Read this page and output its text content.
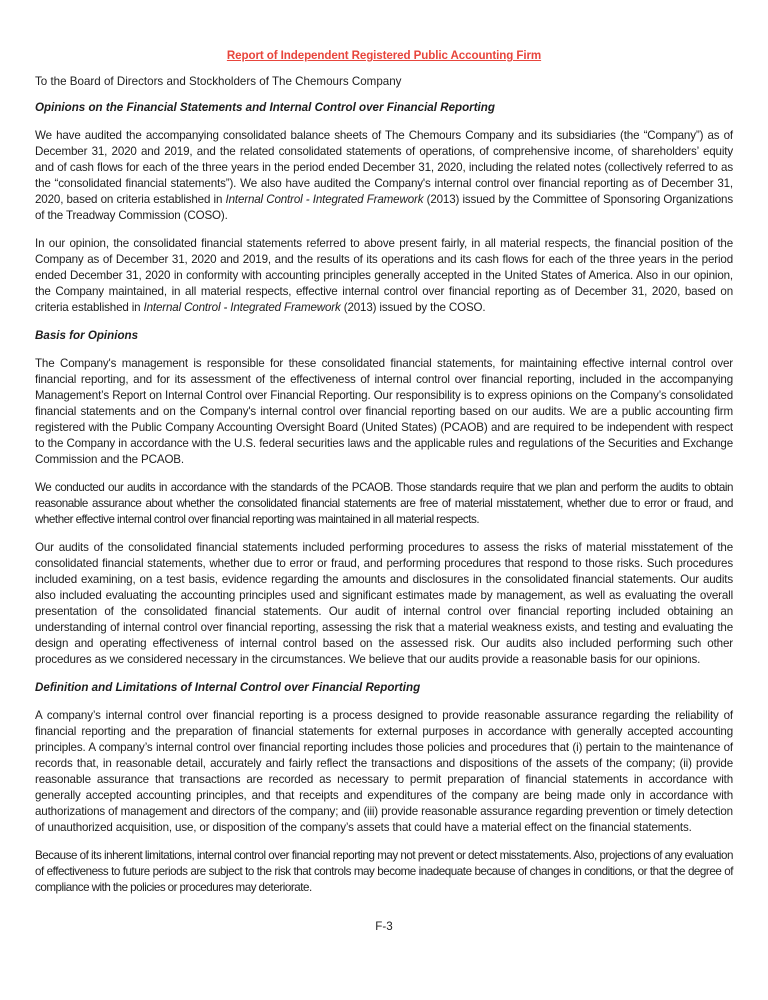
Report of Independent Registered Public Accounting Firm
To the Board of Directors and Stockholders of The Chemours Company
Opinions on the Financial Statements and Internal Control over Financial Reporting

We have audited the accompanying consolidated balance sheets of The Chemours Company and its subsidiaries (the “Company”) as of December 31, 2020 and 2019, and the related consolidated statements of operations, of comprehensive income, of shareholders’ equity and of cash flows for each of the three years in the period ended December 31, 2020, including the related notes (collectively referred to as the “consolidated financial statements”). We also have audited the Company's internal control over financial reporting as of December 31, 2020, based on criteria established in Internal Control - Integrated Framework (2013) issued by the Committee of Sponsoring Organizations of the Treadway Commission (COSO).

In our opinion, the consolidated financial statements referred to above present fairly, in all material respects, the financial position of the Company as of December 31, 2020 and 2019, and the results of its operations and its cash flows for each of the three years in the period ended December 31, 2020 in conformity with accounting principles generally accepted in the United States of America. Also in our opinion, the Company maintained, in all material respects, effective internal control over financial reporting as of December 31, 2020, based on criteria established in Internal Control - Integrated Framework (2013) issued by the COSO.

Basis for Opinions

The Company's management is responsible for these consolidated financial statements, for maintaining effective internal control over financial reporting, and for its assessment of the effectiveness of internal control over financial reporting, included in the accompanying Management’s Report on Internal Control over Financial Reporting. Our responsibility is to express opinions on the Company’s consolidated financial statements and on the Company's internal control over financial reporting based on our audits. We are a public accounting firm registered with the Public Company Accounting Oversight Board (United States) (PCAOB) and are required to be independent with respect to the Company in accordance with the U.S. federal securities laws and the applicable rules and regulations of the Securities and Exchange Commission and the PCAOB.

We conducted our audits in accordance with the standards of the PCAOB. Those standards require that we plan and perform the audits to obtain reasonable assurance about whether the consolidated financial statements are free of material misstatement, whether due to error or fraud, and whether effective internal control over financial reporting was maintained in all material respects.

Our audits of the consolidated financial statements included performing procedures to assess the risks of material misstatement of the consolidated financial statements, whether due to error or fraud, and performing procedures that respond to those risks. Such procedures included examining, on a test basis, evidence regarding the amounts and disclosures in the consolidated financial statements. Our audits also included evaluating the accounting principles used and significant estimates made by management, as well as evaluating the overall presentation of the consolidated financial statements. Our audit of internal control over financial reporting included obtaining an understanding of internal control over financial reporting, assessing the risk that a material weakness exists, and testing and evaluating the design and operating effectiveness of internal control based on the assessed risk. Our audits also included performing such other procedures as we considered necessary in the circumstances. We believe that our audits provide a reasonable basis for our opinions.

Definition and Limitations of Internal Control over Financial Reporting

A company’s internal control over financial reporting is a process designed to provide reasonable assurance regarding the reliability of financial reporting and the preparation of financial statements for external purposes in accordance with generally accepted accounting principles. A company’s internal control over financial reporting includes those policies and procedures that (i) pertain to the maintenance of records that, in reasonable detail, accurately and fairly reflect the transactions and dispositions of the assets of the company; (ii) provide reasonable assurance that transactions are recorded as necessary to permit preparation of financial statements in accordance with generally accepted accounting principles, and that receipts and expenditures of the company are being made only in accordance with authorizations of management and directors of the company; and (iii) provide reasonable assurance regarding prevention or timely detection of unauthorized acquisition, use, or disposition of the company’s assets that could have a material effect on the financial statements.

Because of its inherent limitations, internal control over financial reporting may not prevent or detect misstatements. Also, projections of any evaluation of effectiveness to future periods are subject to the risk that controls may become inadequate because of changes in conditions, or that the degree of compliance with the policies or procedures may deteriorate.

F-3
